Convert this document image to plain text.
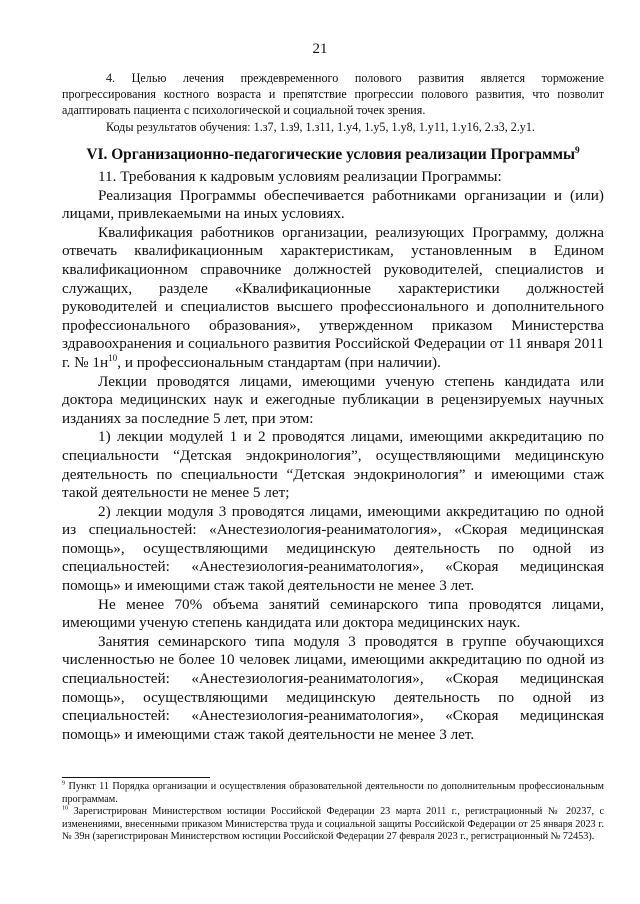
21

4. Целью лечения преждевременного полового развития является торможение прогрессирования костного возраста и препятствие прогрессии полового развития, что позволит адаптировать пациента с психологической и социальной точек зрения.

Коды результатов обучения: 1.з7, 1.з9, 1.з11, 1.у4, 1.у5, 1.у8, 1.у11, 1.у16, 2.з3, 2.у1.

VI. Организационно-педагогические условия реализации Программы$^9$

11. Требования к кадровым условиям реализации Программы:

Реализация Программы обеспечивается работниками организации и (или) лицами, привлекаемыми на иных условиях.

Квалификация работников организации, реализующих Программу, должна отвечать квалификационным характеристикам, установленным в Едином квалификационном справочнике должностей руководителей, специалистов и служащих, разделе «Квалификационные характеристики должностей руководителей и специалистов высшего профессионального и дополнительного профессионального образования», утвержденном приказом Министерства здравоохранения и социального развития Российской Федерации от 11 января 2011 г. № $1н^{10}$, и профессиональным стандартам (при наличии).

Лекции проводятся лицами, имеющими ученую степень кандидата или доктора медицинских наук и ежегодные публикации в рецензируемых научных изданиях за последние 5 лет, при этом:

1) лекции модулей 1 и 2 проводятся лицами, имеющими аккредитацию по специальности “Детская эндокринология”, осуществляющими медицинскую деятельность по специальности “Детская эндокринология” и имеющими стаж такой деятельности не менее 5 лет;

2) лекции модуля 3 проводятся лицами, имеющими аккредитацию по одной из специальностей: «Анестезиология-реаниматология», «Скорая медицинская помощь», осуществляющими медицинскую деятельность по одной из специальностей: «Анестезиология-реаниматология», «Скорая медицинская помощь» и имеющими стаж такой деятельности не менее 3 лет.

Не менее 70% объема занятий семинарского типа проводятся лицами, имеющими ученую степень кандидата или доктора медицинских наук.

Занятия семинарского типа модуля 3 проводятся в группе обучающихся численностью не более 10 человек лицами, имеющими аккредитацию по одной из специальностей: «Анестезиология-реаниматология», «Скорая медицинская помощь», осуществляющими медицинскую деятельность по одной из специальностей: «Анестезиология-реаниматология», «Скорая медицинская помощь» и имеющими стаж такой деятельности не менее 3 лет.

$^9$ Пункт 11 Порядка организации и осуществления образовательной деятельности по дополнительным профессиональным программам.

$^{10}$ Зарегистрирован Министерством юстиции Российской Федерации 23 марта 2011 г., регистрационный № 20237, с изменениями, внесенными приказом Министерства труда и социальной защиты Российской Федерации от 25 января 2023 г. № 39н (зарегистрирован Министерством юстиции Российской Федерации 27 февраля 2023 г., регистрационный № 72453).
